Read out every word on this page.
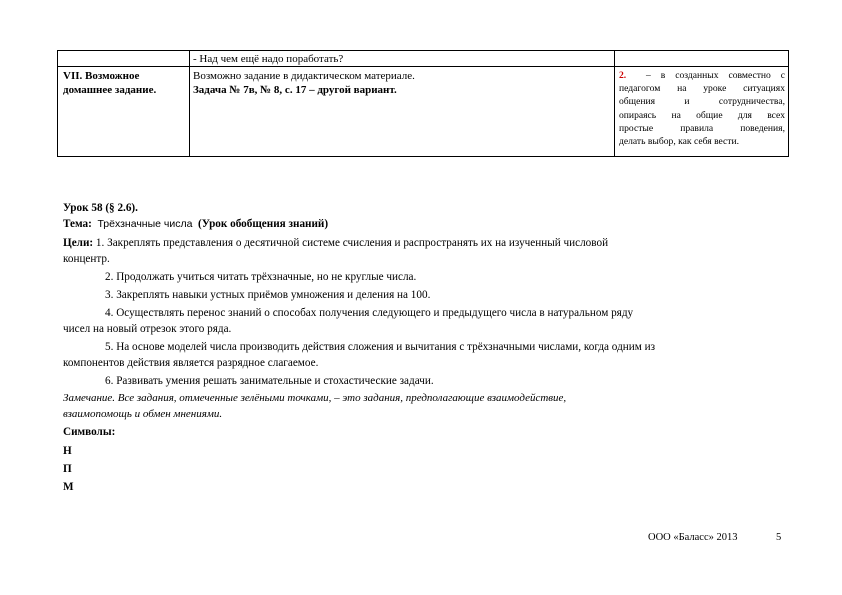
- Над чем ещё надо поработать?
VII. Возможное
домашнее задание.
Возможно задание в дидактическом материале.
Задача № 7в, № 8, с. 17 – другой вариант.
2. – в созданных совместно с
педагогом на уроке ситуациях
общения и сотрудничества,
опираясь на общие для всех
простые правила поведения,
делать выбор, как себя вести.
Урок 58 (§ 2.6).
Тема: Трёхзначные числа (Урок обобщения знаний)
Цели: 1. Закреплять представления о десятичной системе счисления и распространять их на изученный числовой
концентр.
2. Продолжать учиться читать трёхзначные, но не круглые числа.
3. Закреплять навыки устных приёмов умножения и деления на 100.
4. Осуществлять перенос знаний о способах получения следующего и предыдущего числа в натуральном ряду
чисел на новый отрезок этого ряда.
5. На основе моделей числа производить действия сложения и вычитания с трёхзначными числами, когда одним из
компонентов действия является разрядное слагаемое.
6. Развивать умения решать занимательные и стохастические задачи.
Замечание. Все задания, отмеченные зелёными точками, – это задания, предполагающие взаимодействие,
взаимопомощь и обмен мнениями.
Символы:
Н
П
М
ООО «Баласс» 2013	5
